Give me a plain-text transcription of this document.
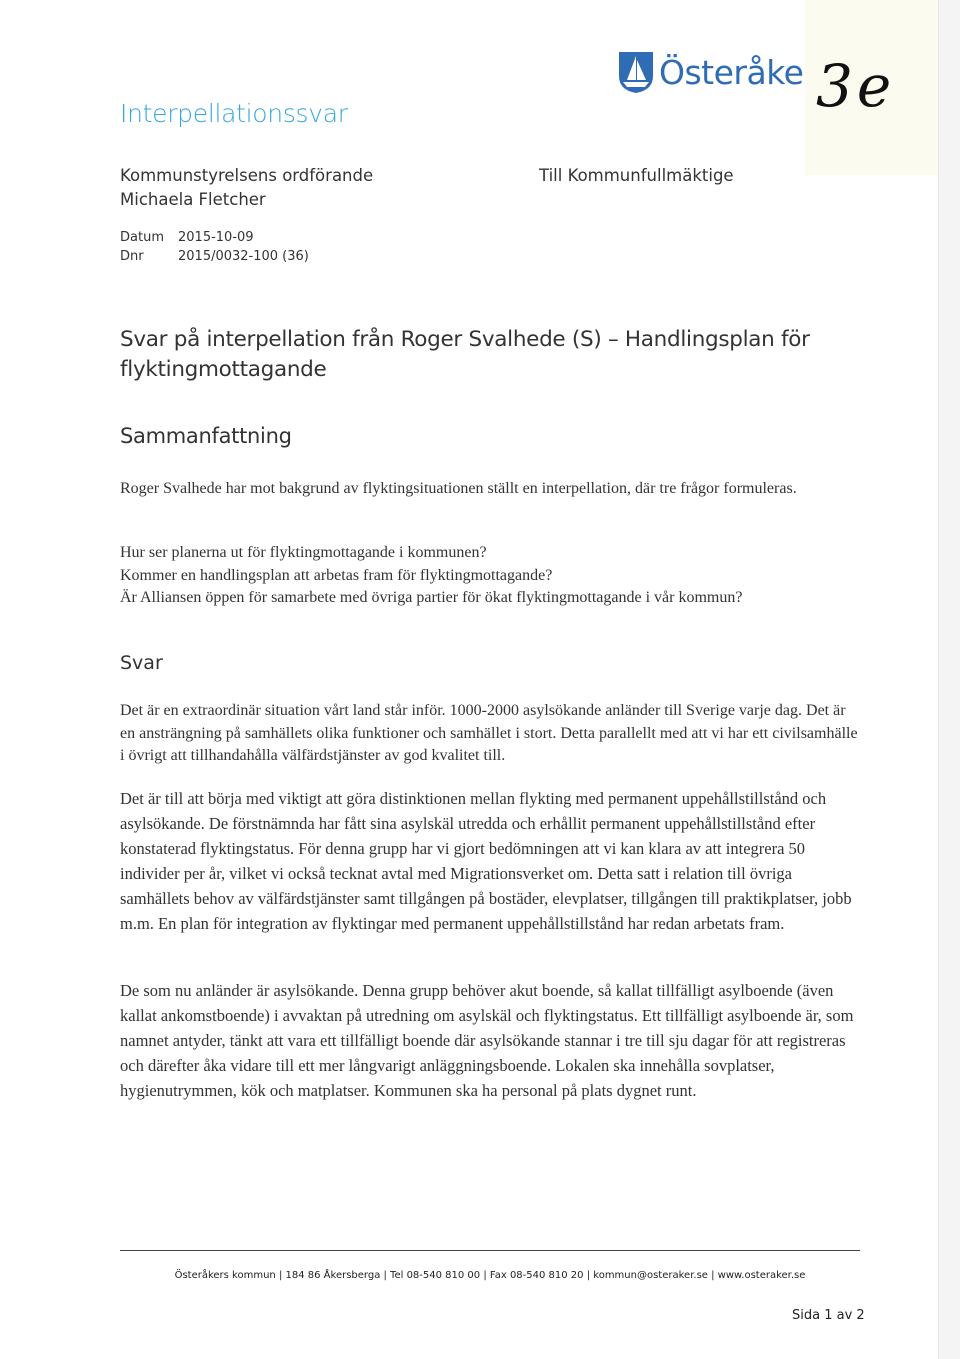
Österåke 3e
Interpellationssvar
Kommunstyrelsens ordförande
Michaela Fletcher
Till Kommunfullmäktige
Datum	2015-10-09
Dnr	2015/0032-100 (36)
Svar på interpellation från Roger Svalhede (S) – Handlingsplan för flyktingmottagande
Sammanfattning
Roger Svalhede har mot bakgrund av flyktingsituationen ställt en interpellation, där tre frågor formuleras.
Hur ser planerna ut för flyktingmottagande i kommunen?
Kommer en handlingsplan att arbetas fram för flyktingmottagande?
Är Alliansen öppen för samarbete med övriga partier för ökat flyktingmottagande i vår kommun?
Svar
Det är en extraordinär situation vårt land står inför. 1000-2000 asylsökande anländer till Sverige varje dag. Det är en ansträngning på samhällets olika funktioner och samhället i stort. Detta parallellt med att vi har ett civilsamhälle i övrigt att tillhandahålla välfärdstjänster av god kvalitet till.
Det är till att börja med viktigt att göra distinktionen mellan flykting med permanent uppehållstillstånd och asylsökande. De förstnämnda har fått sina asylskäl utredda och erhållit permanent uppehållstillstånd efter konstaterad flyktingstatus. För denna grupp har vi gjort bedömningen att vi kan klara av att integrera 50 individer per år, vilket vi också tecknat avtal med Migrationsverket om. Detta satt i relation till övriga samhällets behov av välfärdstjänster samt tillgången på bostäder, elevplatser, tillgången till praktikplatser, jobb m.m. En plan för integration av flyktingar med permanent uppehållstillstånd har redan arbetats fram.
De som nu anländer är asylsökande. Denna grupp behöver akut boende, så kallat tillfälligt asylboende (även kallat ankomstboende) i avvaktan på utredning om asylskäl och flyktingstatus. Ett tillfälligt asylboende är, som namnet antyder, tänkt att vara ett tillfälligt boende där asylsökande stannar i tre till sju dagar för att registreras och därefter åka vidare till ett mer långvarigt anläggningsboende. Lokalen ska innehålla sovplatser, hygienutrymmen, kök och matplatser. Kommunen ska ha personal på plats dygnet runt.
Österåkers kommun | 184 86 Åkersberga | Tel 08-540 810 00 | Fax 08-540 810 20 | kommun@osteraker.se | www.osteraker.se
Sida 1 av 2
